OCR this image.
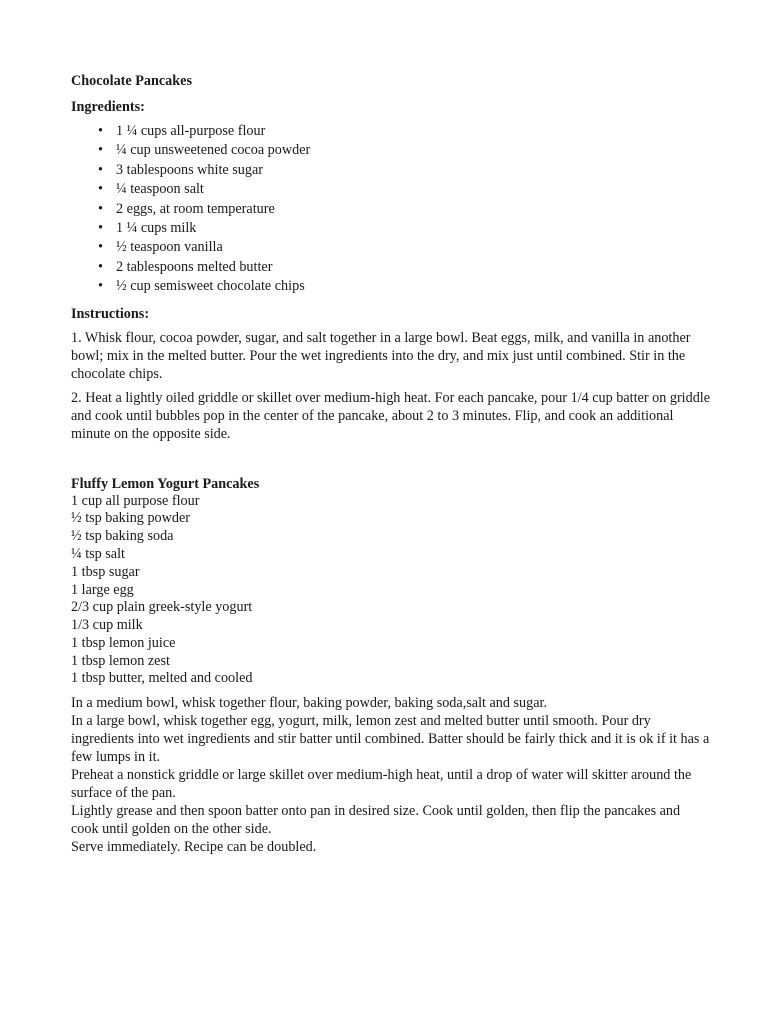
Chocolate Pancakes

Ingredients:

• 1 ¼ cups all-purpose flour
• ¼ cup unsweetened cocoa powder
• 3 tablespoons white sugar
• ¼ teaspoon salt
• 2 eggs, at room temperature
• 1 ¼ cups milk
• ½ teaspoon vanilla
• 2 tablespoons melted butter
• ½ cup semisweet chocolate chips

Instructions:

1. Whisk flour, cocoa powder, sugar, and salt together in a large bowl. Beat eggs, milk, and vanilla in another bowl; mix in the melted butter. Pour the wet ingredients into the dry, and mix just until combined. Stir in the chocolate chips.

2. Heat a lightly oiled griddle or skillet over medium-high heat. For each pancake, pour 1/4 cup batter on griddle and cook until bubbles pop in the center of the pancake, about 2 to 3 minutes. Flip, and cook an additional minute on the opposite side.

Fluffy Lemon Yogurt Pancakes

1 cup all purpose flour
½ tsp baking powder
½ tsp baking soda
¼ tsp salt
1 tbsp sugar
1 large egg
2/3 cup plain greek-style yogurt
1/3 cup milk
1 tbsp lemon juice
1 tbsp lemon zest
1 tbsp butter, melted and cooled

In a medium bowl, whisk together flour, baking powder, baking soda,salt and sugar.

In a large bowl, whisk together egg, yogurt, milk, lemon zest and melted butter until smooth. Pour dry ingredients into wet ingredients and stir batter until combined. Batter should be fairly thick and it is ok if it has a few lumps in it.

Preheat a nonstick griddle or large skillet over medium-high heat, until a drop of water will skitter around the surface of the pan.

Lightly grease and then spoon batter onto pan in desired size. Cook until golden, then flip the pancakes and cook until golden on the other side.

Serve immediately. Recipe can be doubled.
